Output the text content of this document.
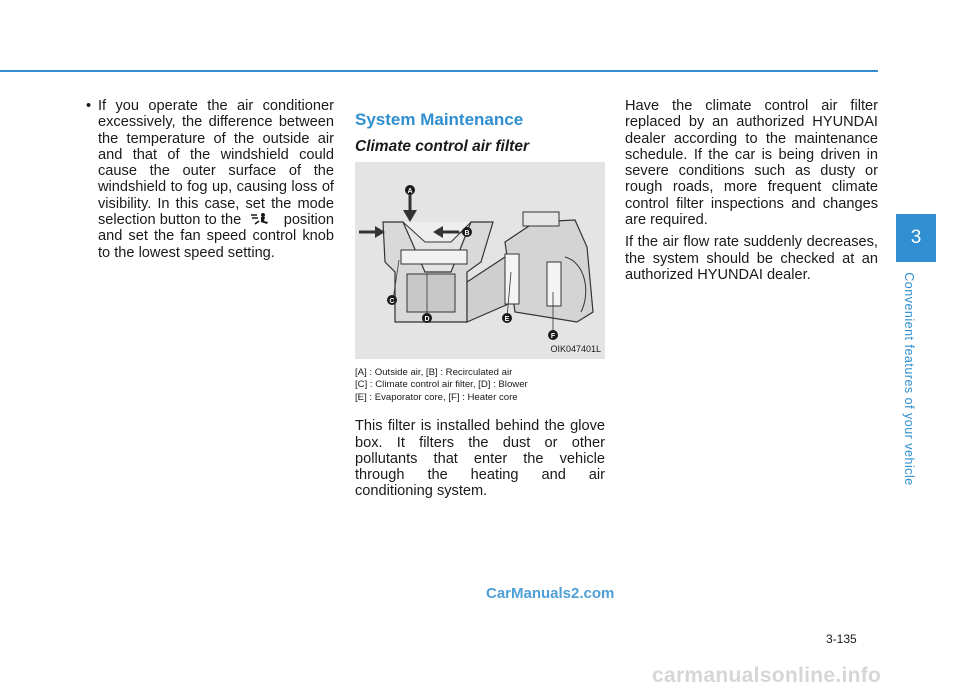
• If you operate the air conditioner excessively, the difference between the temperature of the outside air and that of the windshield could cause the outer surface of the windshield to fog up, causing loss of visibility. In this case, set the mode selection button to the	position and set the fan speed control knob to the lowest speed setting.
System Maintenance
Climate control air filter
A
B
C
D	E
F
OIK047401L
[A] : Outside air, [B] : Recirculated air
[C] : Climate control air filter, [D] : Blower
[E] : Evaporator core, [F] : Heater core

This filter is installed behind the glove box. It filters the dust or other pollutants that enter the vehicle through the heating and air conditioning system.

Have the climate control air filter replaced by an authorized HYUNDAI dealer according to the maintenance schedule. If the car is being driven in severe conditions such as dusty or rough roads, more frequent climate control filter inspections and changes are required.

If the air flow rate suddenly decreases, the system should be checked at an authorized HYUNDAI dealer.

3
Convenient features of your vehicle
3-135
CarManuals2.com
carmanualsonline.info
